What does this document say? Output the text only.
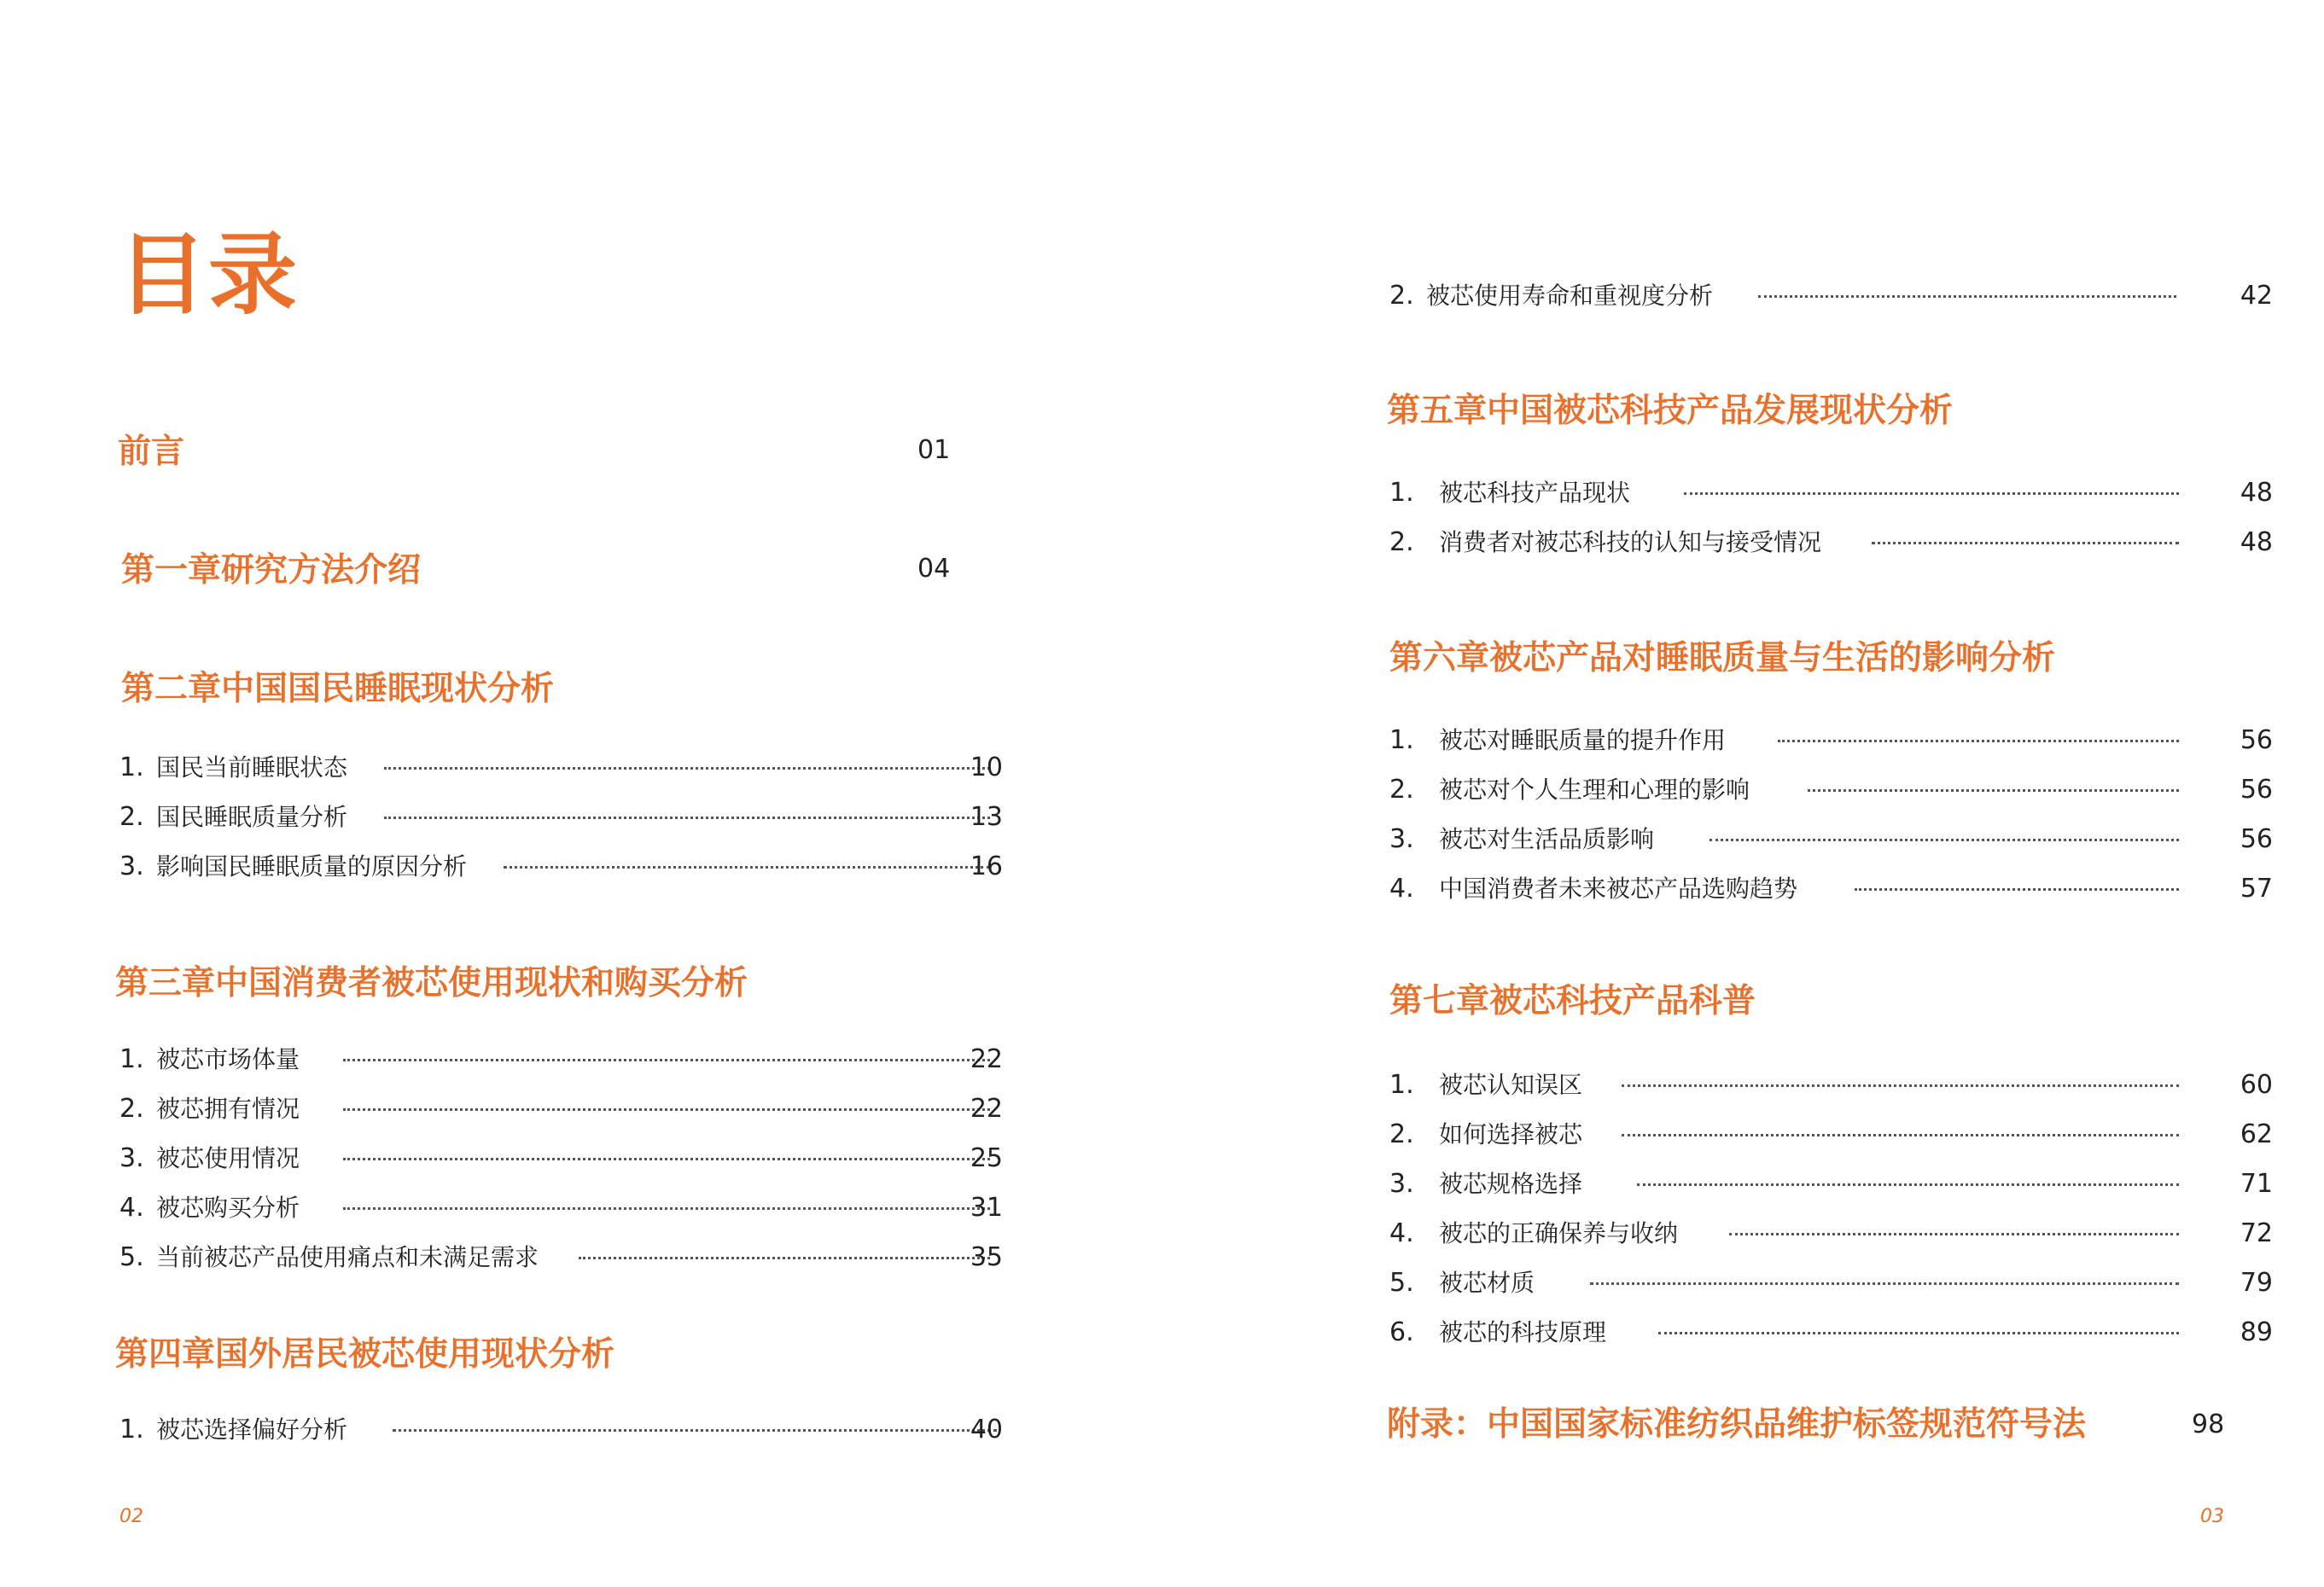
目录
前言	01
第一章研究方法介绍	04
第二章中国国民睡眠现状分析
1. 国民当前睡眠状态	10
2. 国民睡眠质量分析	13
3. 影响国民睡眠质量的原因分析	16
第三章中国消费者被芯使用现状和购买分析
1. 被芯市场体量	22
2. 被芯拥有情况	22
3. 被芯使用情况	25
4. 被芯购买分析	31
5. 当前被芯产品使用痛点和未满足需求	35
第四章国外居民被芯使用现状分析
1. 被芯选择偏好分析	40
02
2. 被芯使用寿命和重视度分析	42
第五章中国被芯科技产品发展现状分析
1. 被芯科技产品现状	48
2. 消费者对被芯科技的认知与接受情况	48
第六章被芯产品对睡眠质量与生活的影响分析
1. 被芯对睡眠质量的提升作用	56
2. 被芯对个人生理和心理的影响	56
3. 被芯对生活品质影响	56
4. 中国消费者未来被芯产品选购趋势	57
第七章被芯科技产品科普
1. 被芯认知误区	60
2. 如何选择被芯	62
3. 被芯规格选择	71
4. 被芯的正确保养与收纳	72
5. 被芯材质	79
6. 被芯的科技原理	89
附录：中国国家标准纺织品维护标签规范符号法	98
03
